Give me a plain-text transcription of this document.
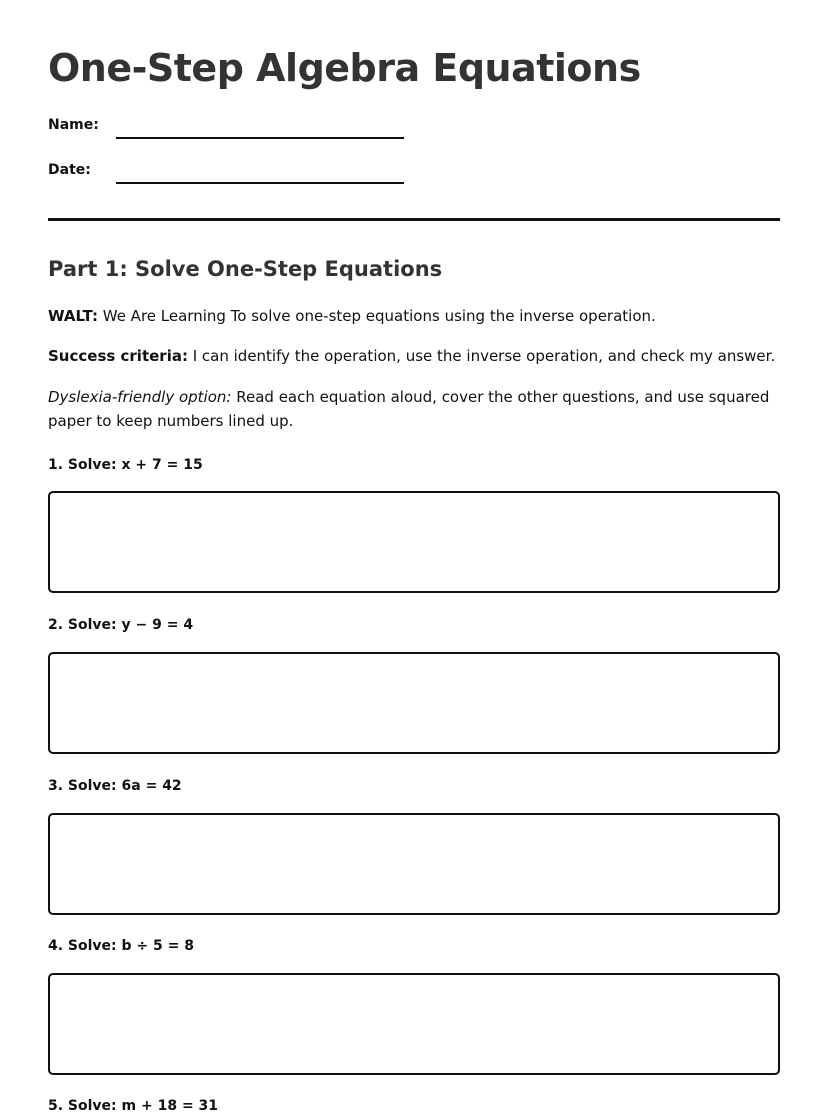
One-Step Algebra Equations
Name:
Date:
Part 1: Solve One-Step Equations

WALT: We Are Learning To solve one-step equations using the inverse operation.

Success criteria: I can identify the operation, use the inverse operation, and check my answer.

Dyslexia-friendly option: Read each equation aloud, cover the other questions, and use squared paper to keep numbers lined up.

1. Solve: x + 7 = 15
2. Solve: y − 9 = 4
3. Solve: 6a = 42
4. Solve: b ÷ 5 = 8
5. Solve: m + 18 = 31
